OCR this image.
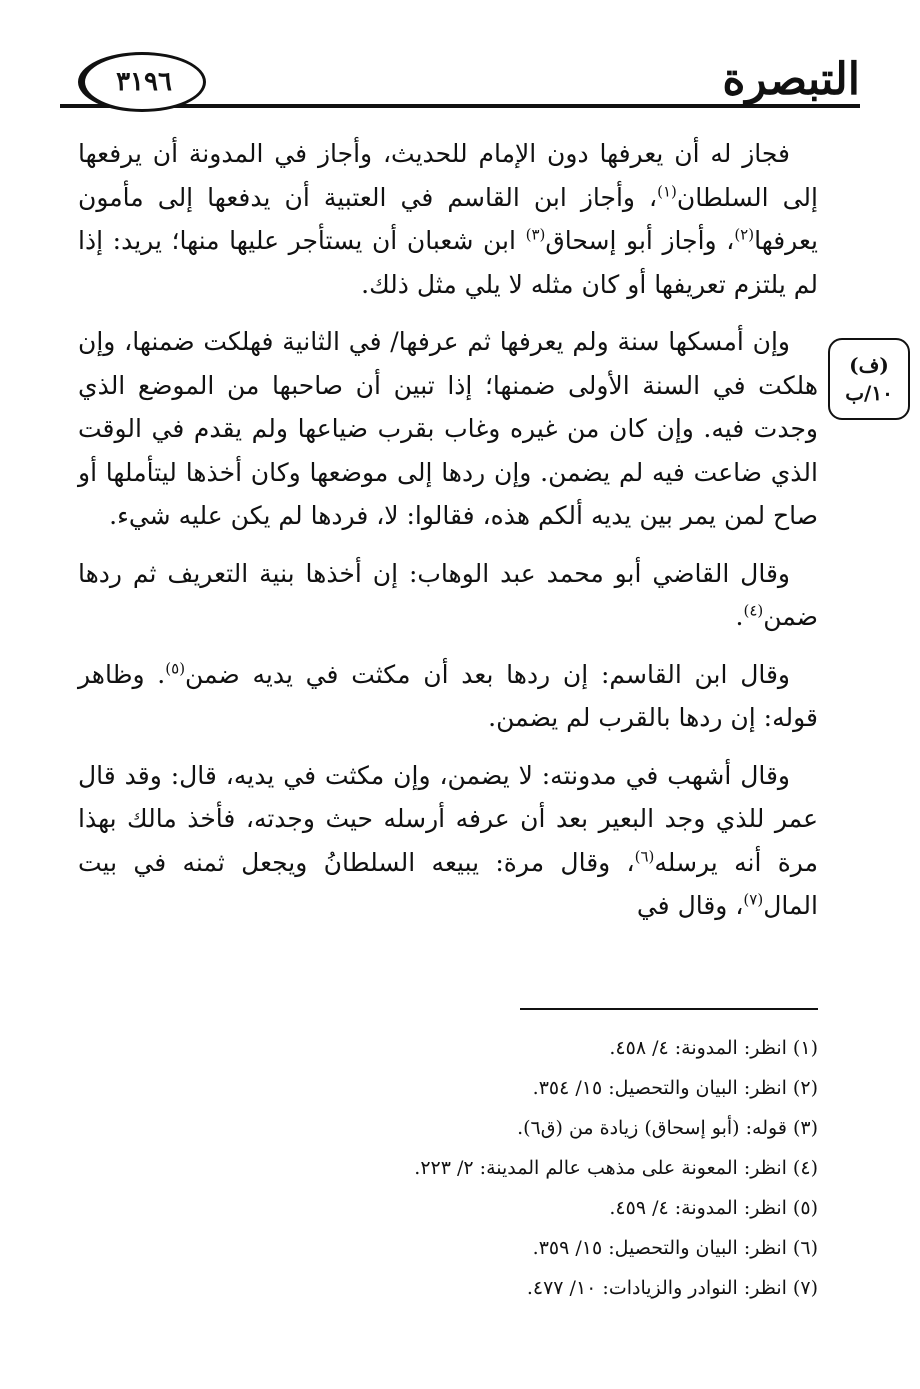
التبصرة
٣١٩٦
(ف)
١٠/ب

فجاز له أن يعرفها دون الإمام للحديث، وأجاز في المدونة أن يرفعها إلى السلطان$^{(١)}$، وأجاز ابن القاسم في العتبية أن يدفعها إلى مأمون يعرفها$^{(٢)}$، وأجاز أبو إسحاق$^{(٣)}$ ابن شعبان أن يستأجر عليها منها؛ يريد: إذا لم يلتزم تعريفها أو كان مثله لا يلي مثل ذلك.

وإن أمسكها سنة ولم يعرفها ثم عرفها/ في الثانية فهلكت ضمنها، وإن هلكت في السنة الأولى ضمنها؛ إذا تبين أن صاحبها من الموضع الذي وجدت فيه. وإن كان من غيره وغاب بقرب ضياعها ولم يقدم في الوقت الذي ضاعت فيه لم يضمن. وإن ردها إلى موضعها وكان أخذها ليتأملها أو صاح لمن يمر بين يديه ألكم هذه، فقالوا: لا، فردها لم يكن عليه شيء.

وقال القاضي أبو محمد عبد الوهاب: إن أخذها بنية التعريف ثم ردها ضمن$^{(٤)}$.

وقال ابن القاسم: إن ردها بعد أن مكثت في يديه ضمن$^{(٥)}$. وظاهر قوله: إن ردها بالقرب لم يضمن.

وقال أشهب في مدونته: لا يضمن، وإن مكثت في يديه، قال: وقد قال عمر للذي وجد البعير بعد أن عرفه أرسله حيث وجدته، فأخذ مالك بهذا مرة أنه يرسله$^{(٦)}$، وقال مرة: يبيعه السلطانُ ويجعل ثمنه في بيت المال$^{(٧)}$، وقال في

(١) انظر: المدونة: ٤/ ٤٥٨.
(٢) انظر: البيان والتحصيل: ١٥/ ٣٥٤.
(٣) قوله: (أبو إسحاق) زيادة من (ق٦).
(٤) انظر: المعونة على مذهب عالم المدينة: ٢/ ٢٢٣.
(٥) انظر: المدونة: ٤/ ٤٥٩.
(٦) انظر: البيان والتحصيل: ١٥/ ٣٥٩.
(٧) انظر: النوادر والزيادات: ١٠/ ٤٧٧.
